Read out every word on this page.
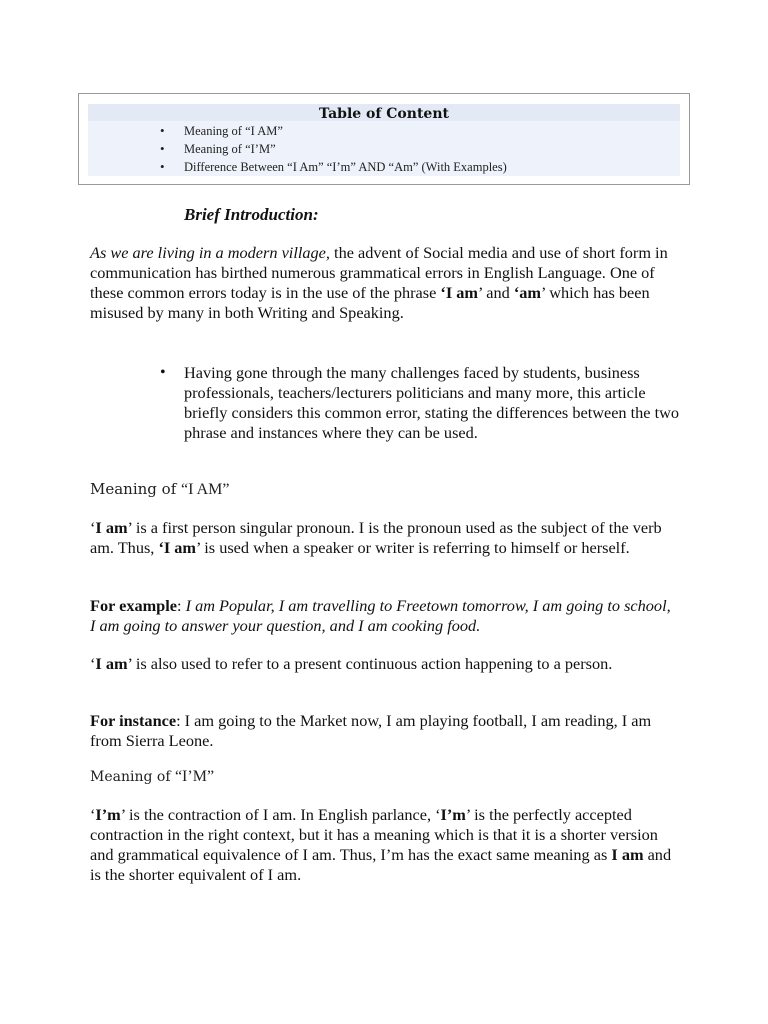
Table of Content
• Meaning of “I AM”
• Meaning of “I’M”
• Difference Between “I Am” “I’m” AND “Am” (With Examples)
Brief Introduction:
As we are living in a modern village, the advent of Social media and use of short form in communication has birthed numerous grammatical errors in English Language. One of these common errors today is in the use of the phrase ‘I am’ and ‘am’ which has been misused by many in both Writing and Speaking.
• Having gone through the many challenges faced by students, business professionals, teachers/lecturers politicians and many more, this article briefly considers this common error, stating the differences between the two phrase and instances where they can be used.
Meaning of “I AM”
‘I am’ is a first person singular pronoun. I is the pronoun used as the subject of the verb am. Thus, ‘I am’ is used when a speaker or writer is referring to himself or herself.
For example: I am Popular, I am travelling to Freetown tomorrow, I am going to school, I am going to answer your question, and I am cooking food.
‘I am’ is also used to refer to a present continuous action happening to a person.
For instance: I am going to the Market now, I am playing football, I am reading, I am from Sierra Leone.
Meaning of “I’M”
‘I’m’ is the contraction of I am. In English parlance, ‘I’m’ is the perfectly accepted contraction in the right context, but it has a meaning which is that it is a shorter version and grammatical equivalence of I am. Thus, I’m has the exact same meaning as I am and is the shorter equivalent of I am.
